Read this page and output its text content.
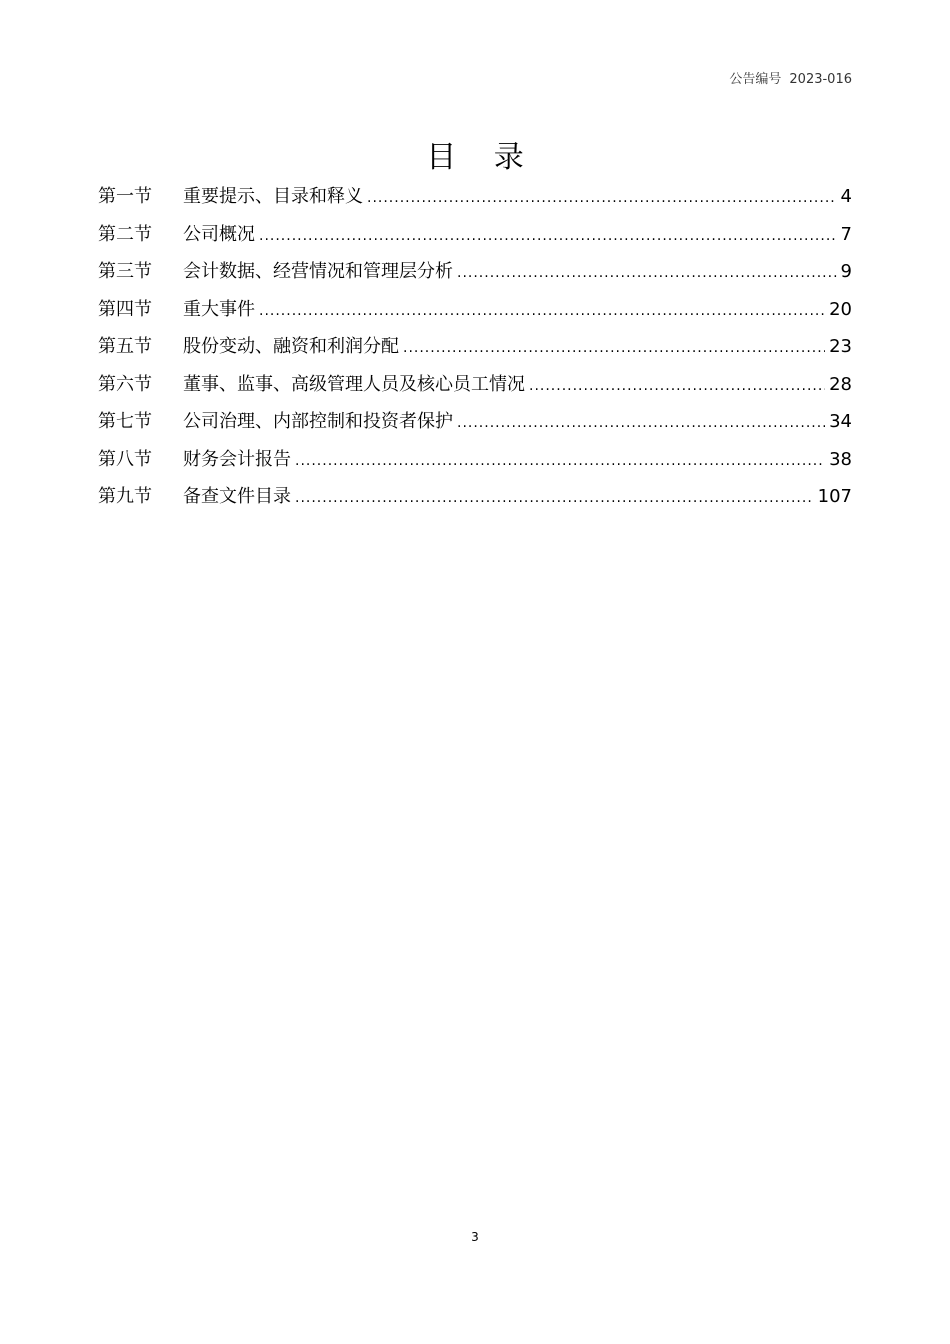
公告编号 2023-016
目 录
第一节	重要提示、目录和释义 .....	4
第二节	公司概况 .....	7
第三节	会计数据、经营情况和管理层分析 .....	9
第四节	重大事件 .....	20
第五节	股份变动、融资和利润分配 .....	23
第六节	董事、监事、高级管理人员及核心员工情况 .....	28
第七节	公司治理、内部控制和投资者保护 .....	34
第八节	财务会计报告 .....	38
第九节	备查文件目录 .....	107
3
